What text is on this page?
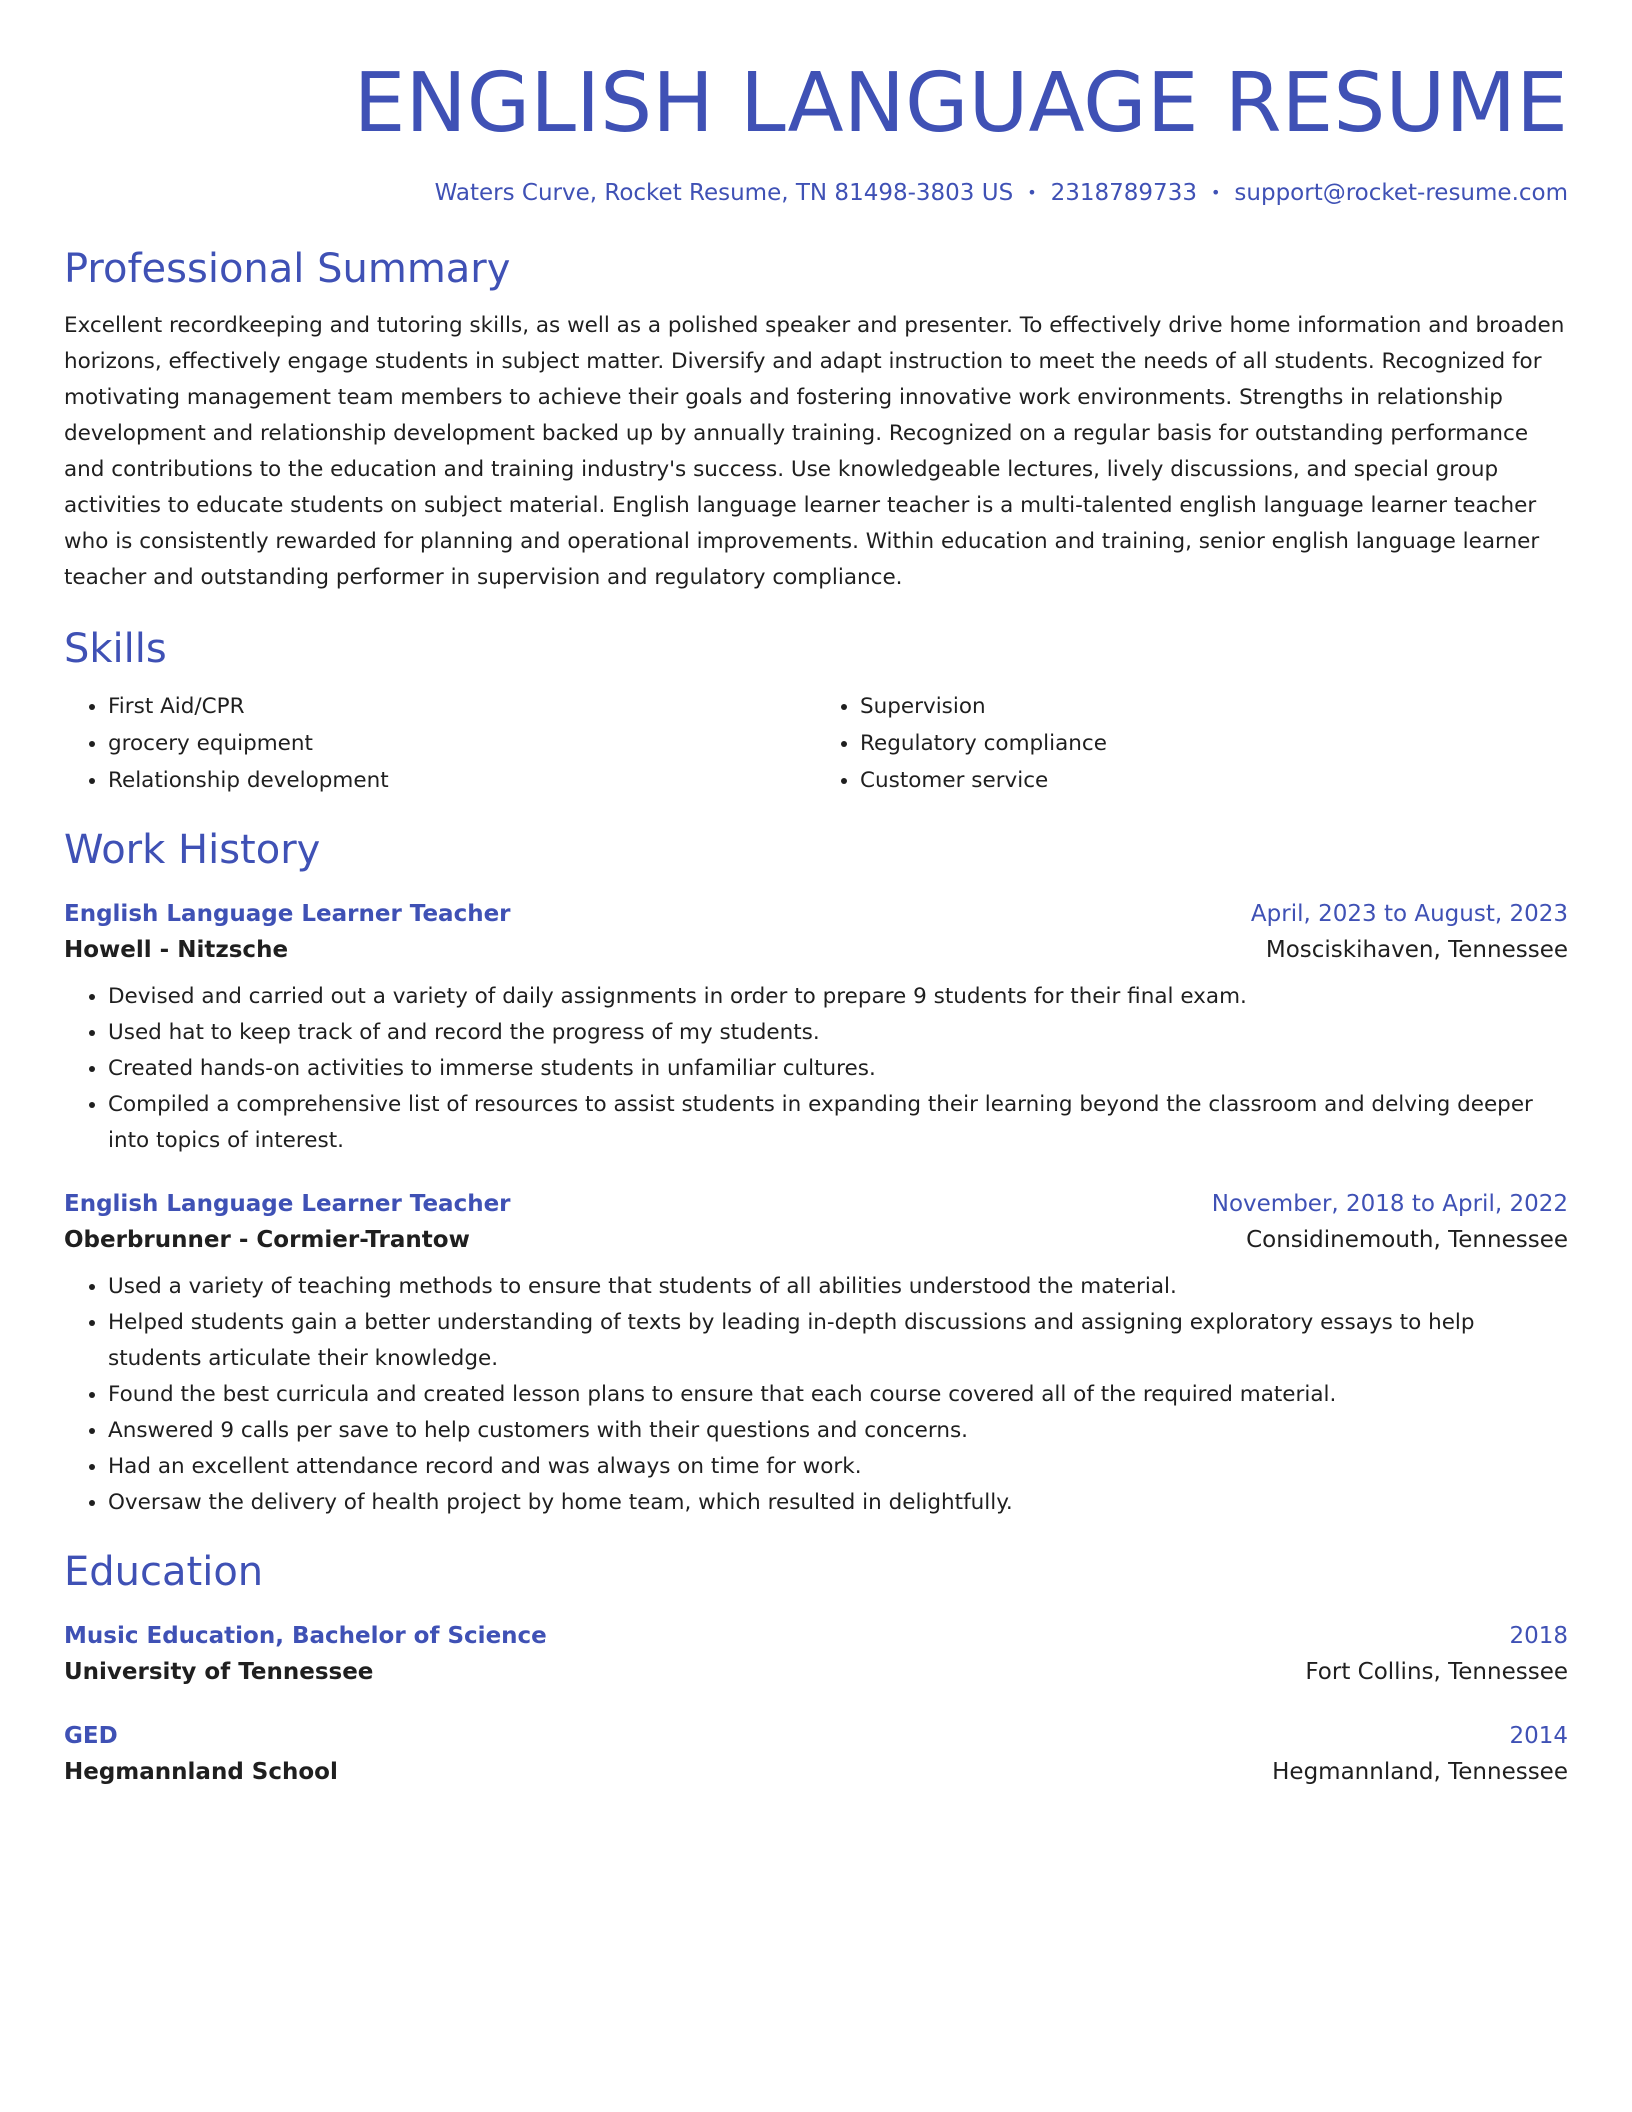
ENGLISH LANGUAGE RESUME
Waters Curve, Rocket Resume, TN 81498-3803 US • 2318789733 • support@rocket-resume.com
Professional Summary

Excellent recordkeeping and tutoring skills, as well as a polished speaker and presenter. To effectively drive home information and broaden horizons, effectively engage students in subject matter. Diversify and adapt instruction to meet the needs of all students. Recognized for motivating management team members to achieve their goals and fostering innovative work environments. Strengths in relationship development and relationship development backed up by annually training. Recognized on a regular basis for outstanding performance and contributions to the education and training industry's success. Use knowledgeable lectures, lively discussions, and special group activities to educate students on subject material. English language learner teacher is a multi-talented english language learner teacher who is consistently rewarded for planning and operational improvements. Within education and training, senior english language learner teacher and outstanding performer in supervision and regulatory compliance.

Skills
• First Aid/CPR
• grocery equipment
• Relationship development
• Supervision
• Regulatory compliance
• Customer service
Work History
English Language Learner Teacher	April, 2023 to August, 2023
Howell - Nitzsche	Mosciskihaven, Tennessee
• Devised and carried out a variety of daily assignments in order to prepare 9 students for their final exam.
• Used hat to keep track of and record the progress of my students.
• Created hands-on activities to immerse students in unfamiliar cultures.
• Compiled a comprehensive list of resources to assist students in expanding their learning beyond the classroom and delving deeper into topics of interest.
English Language Learner Teacher	November, 2018 to April, 2022
Oberbrunner - Cormier-Trantow	Considinemouth, Tennessee
• Used a variety of teaching methods to ensure that students of all abilities understood the material.
• Helped students gain a better understanding of texts by leading in-depth discussions and assigning exploratory essays to help students articulate their knowledge.
• Found the best curricula and created lesson plans to ensure that each course covered all of the required material.
• Answered 9 calls per save to help customers with their questions and concerns.
• Had an excellent attendance record and was always on time for work.
• Oversaw the delivery of health project by home team, which resulted in delightfully.
Education
Music Education, Bachelor of Science	2018
University of Tennessee	Fort Collins, Tennessee
GED	2014
Hegmannland School	Hegmannland, Tennessee
